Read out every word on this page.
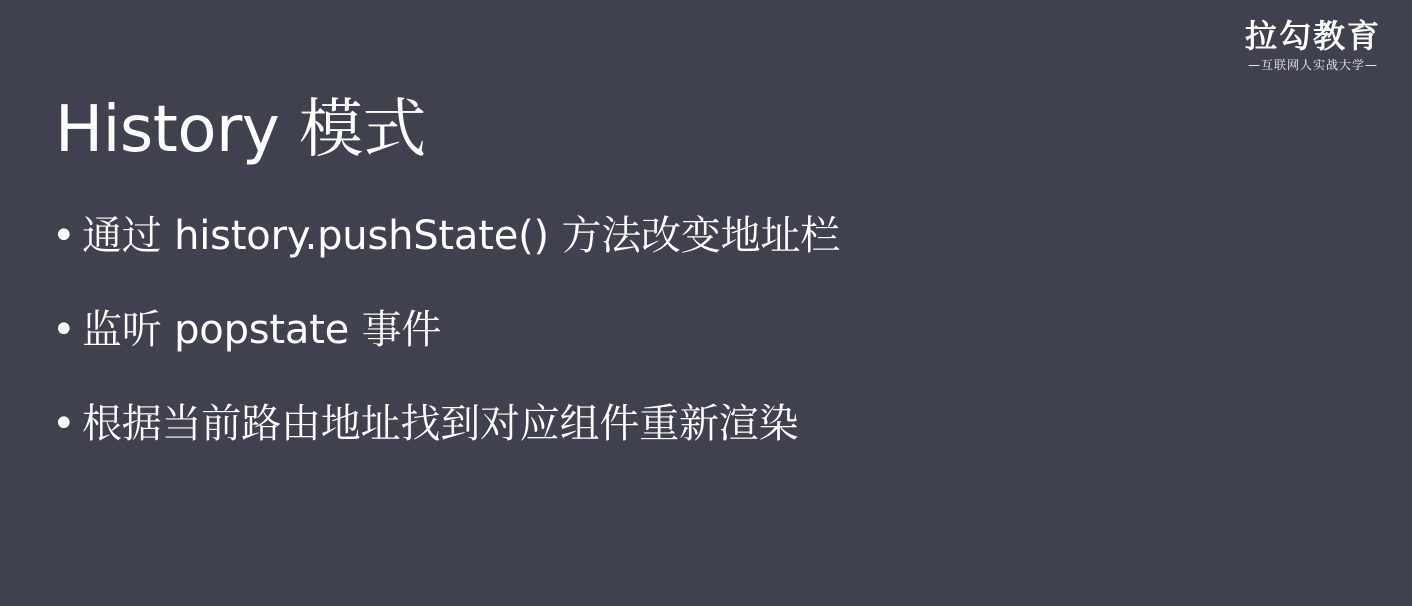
拉勾教育
—互联网人实战大学—
History 模式
• 通过 history.pushState() 方法改变地址栏
• 监听 popstate 事件
• 根据当前路由地址找到对应组件重新渲染
